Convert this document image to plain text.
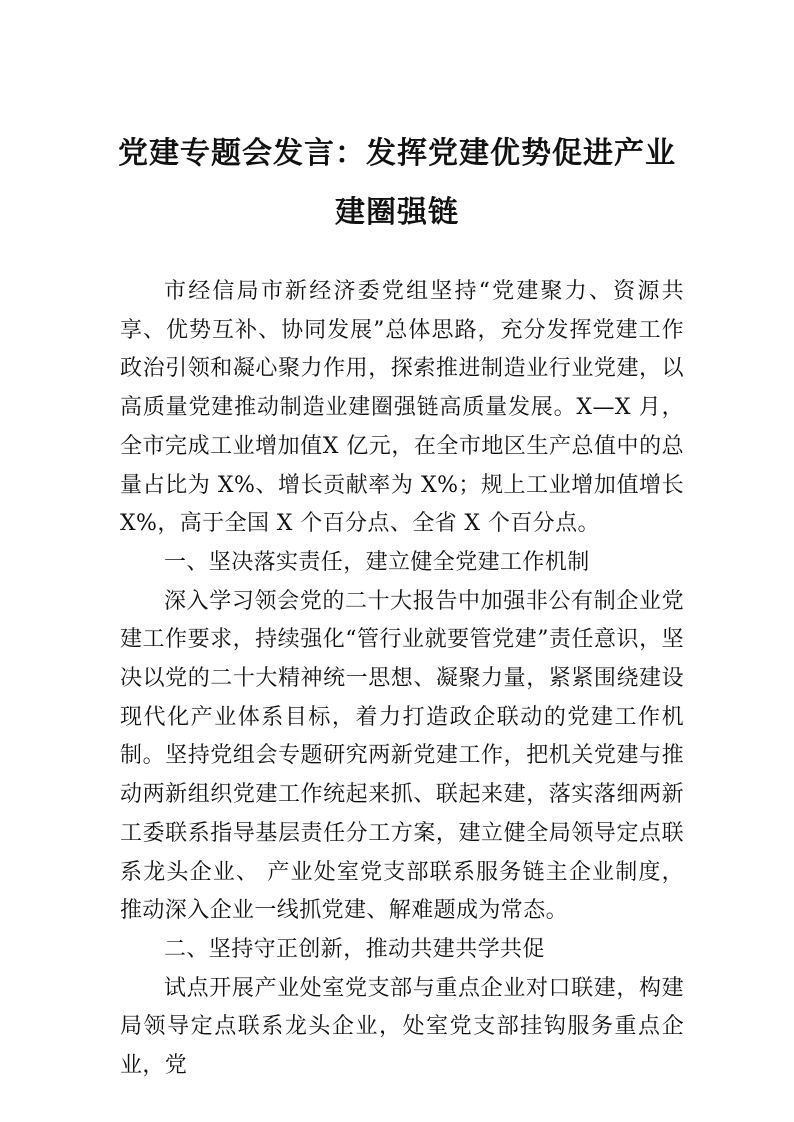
党建专题会发言：发挥党建优势促进产业
建圈强链

市经信局市新经济委党组坚持“党建聚力、资源共享、优势互补、协同发展”总体思路，充分发挥党建工作政治引领和凝心聚力作用，探索推进制造业行业党建，以高质量党建推动制造业建圈强链高质量发展。X—X 月，全市完成工业增加值X 亿元，在全市地区生产总值中的总量占比为 X%、增长贡献率为 X%；规上工业增加值增长 X%，高于全国 X 个百分点、全省 X 个百分点。

一、坚决落实责任，建立健全党建工作机制

深入学习领会党的二十大报告中加强非公有制企业党建工作要求，持续强化“管行业就要管党建”责任意识，坚决以党的二十大精神统一思想、凝聚力量，紧紧围绕建设现代化产业体系目标，着力打造政企联动的党建工作机制。坚持党组会专题研究两新党建工作，把机关党建与推动两新组织党建工作统起来抓、联起来建，落实落细两新工委联系指导基层责任分工方案，建立健全局领导定点联系龙头企业、 产业处室党支部联系服务链主企业制度，推动深入企业一线抓党建、解难题成为常态。

二、坚持守正创新，推动共建共学共促

试点开展产业处室党支部与重点企业对口联建，构建局领导定点联系龙头企业，处室党支部挂钩服务重点企业，党
